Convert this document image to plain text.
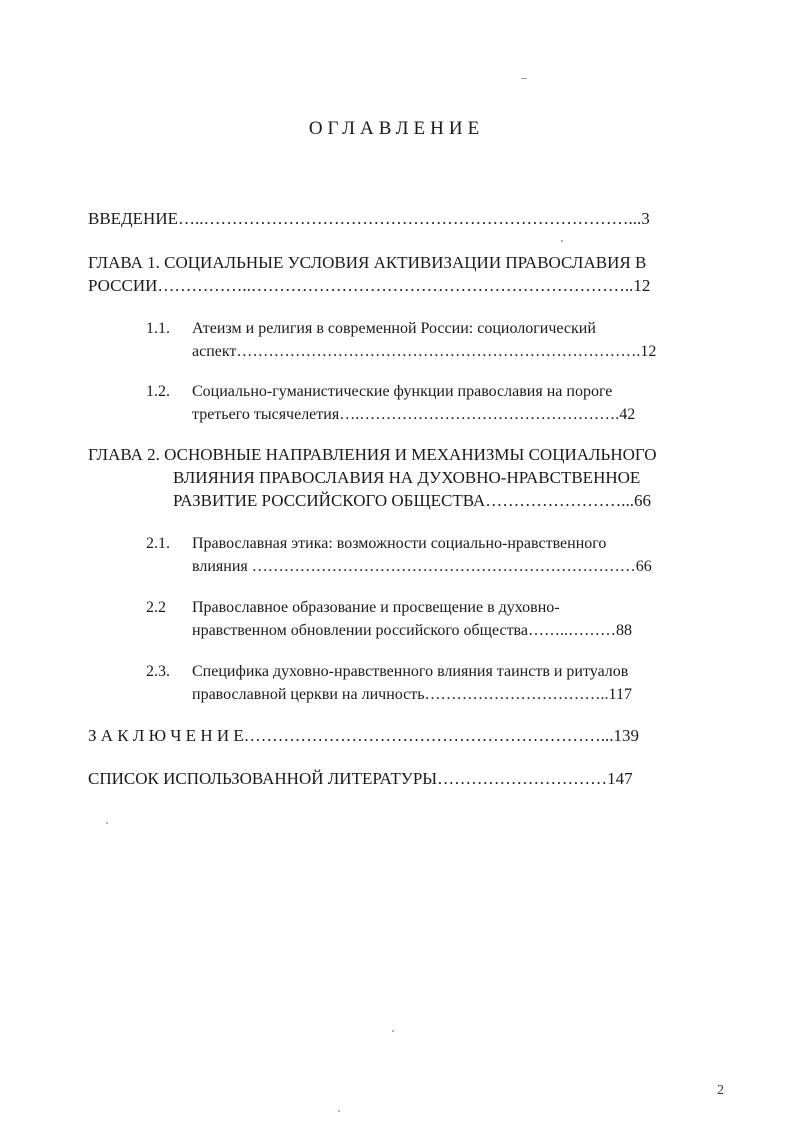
ОГЛАВЛЕНИЕ
ВВЕДЕНИЕ…..…………………………………………………………………...3
ГЛАВА 1. СОЦИАЛЬНЫЕ УСЛОВИЯ АКТИВИЗАЦИИ ПРАВОСЛАВИЯ В
РОССИИ……………..…………………………………………………………..12
1.1. Атеизм и религия в современной России: социологический
аспект………………………………………………………………….12
1.2. Социально-гуманистические функции православия на пороге
третьего тысячелетия….………………………………………….42
ГЛАВА 2. ОСНОВНЫЕ НАПРАВЛЕНИЯ И МЕХАНИЗМЫ СОЦИАЛЬНОГО
ВЛИЯНИЯ ПРАВОСЛАВИЯ НА ДУХОВНО-НРАВСТВЕННОЕ
РАЗВИТИЕ РОССИЙСКОГО ОБЩЕСТВА……………………...66
2.1. Православная этика: возможности социально-нравственного
влияния ………………………………………………………………66
2.2 Православное образование и просвещение в духовно-
нравственном обновлении российского общества……..………88
2.3. Специфика духовно-нравственного влияния таинств и ритуалов
православной церкви на личность……………………………..117
З А К Л Ю Ч Е Н И Е………………………………………………………...139
СПИСОК ИСПОЛЬЗОВАННОЙ ЛИТЕРАТУРЫ…………………………147
2
